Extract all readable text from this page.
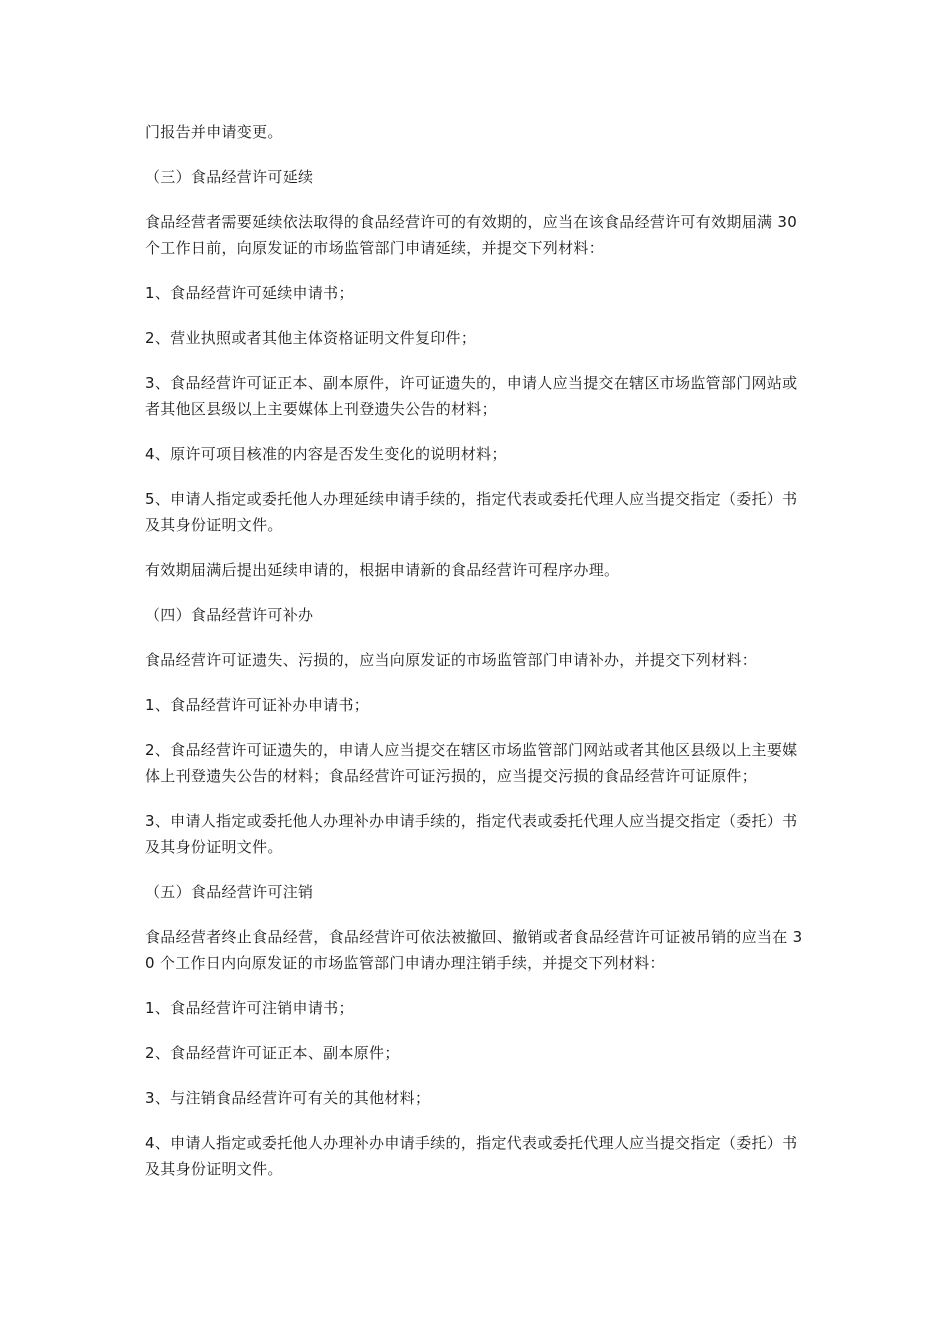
门报告并申请变更。

（三）食品经营许可延续

食品经营者需要延续依法取得的食品经营许可的有效期的，应当在该食品经营许可有效期届满 30 个工作日前，向原发证的市场监管部门申请延续，并提交下列材料：

1、食品经营许可延续申请书；

2、营业执照或者其他主体资格证明文件复印件；

3、食品经营许可证正本、副本原件，许可证遗失的，申请人应当提交在辖区市场监管部门网站或者其他区县级以上主要媒体上刊登遗失公告的材料；

4、原许可项目核准的内容是否发生变化的说明材料；

5、申请人指定或委托他人办理延续申请手续的，指定代表或委托代理人应当提交指定（委托）书及其身份证明文件。

有效期届满后提出延续申请的，根据申请新的食品经营许可程序办理。

（四）食品经营许可补办

食品经营许可证遗失、污损的，应当向原发证的市场监管部门申请补办，并提交下列材料：

1、食品经营许可证补办申请书；

2、食品经营许可证遗失的，申请人应当提交在辖区市场监管部门网站或者其他区县级以上主要媒体上刊登遗失公告的材料；食品经营许可证污损的，应当提交污损的食品经营许可证原件；

3、申请人指定或委托他人办理补办申请手续的，指定代表或委托代理人应当提交指定（委托）书及其身份证明文件。

（五）食品经营许可注销

食品经营者终止食品经营，食品经营许可依法被撤回、撤销或者食品经营许可证被吊销的应当在 30 个工作日内向原发证的市场监管部门申请办理注销手续，并提交下列材料：

1、食品经营许可注销申请书；

2、食品经营许可证正本、副本原件；

3、与注销食品经营许可有关的其他材料；

4、申请人指定或委托他人办理补办申请手续的，指定代表或委托代理人应当提交指定（委托）书及其身份证明文件。
